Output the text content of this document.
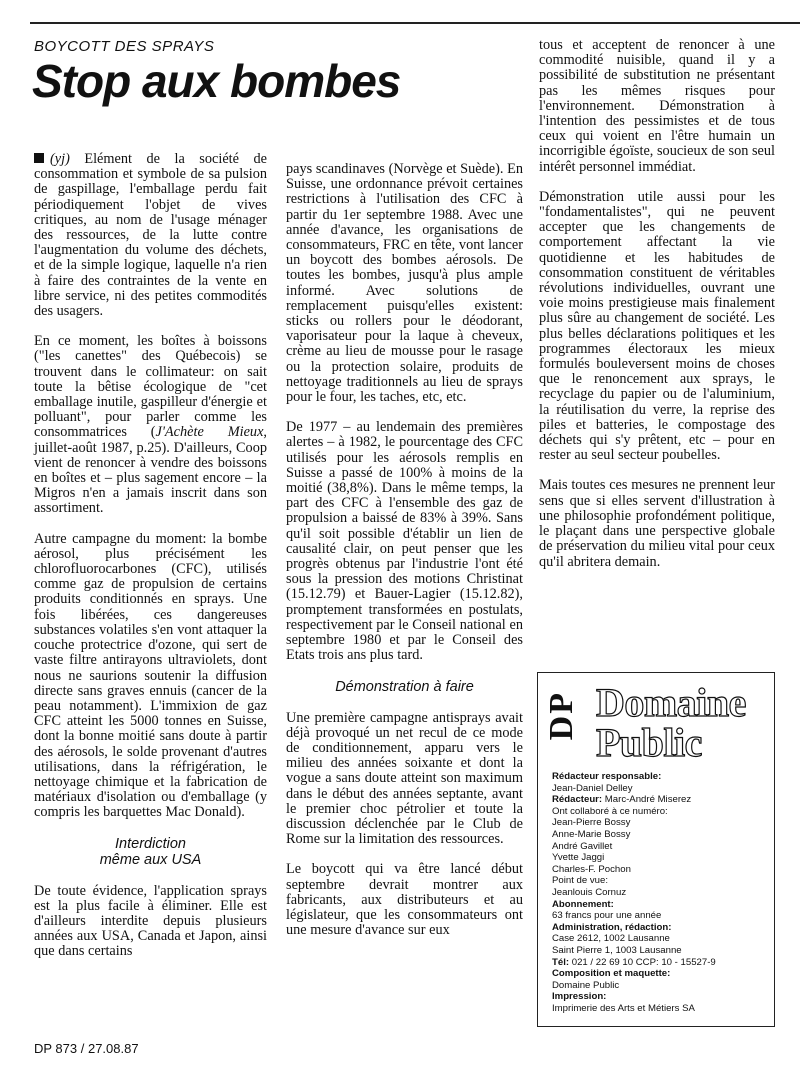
BOYCOTT DES SPRAYS
Stop aux bombes

(yj) Elément de la société de consommation et symbole de sa pulsion de gaspillage, l'emballage perdu fait périodiquement l'objet de vives critiques, au nom de l'usage ménager des ressources, de la lutte contre l'augmentation du volume des déchets, et de la simple logique, laquelle n'a rien à faire des contraintes de la vente en libre service, ni des petites commodités des usagers.

En ce moment, les boîtes à boissons ("les canettes" des Québecois) se trouvent dans le collimateur: on sait toute la bêtise écologique de "cet emballage inutile, gaspilleur d'énergie et polluant", pour parler comme les consommatrices (J'Achète Mieux, juillet-août 1987, p.25). D'ailleurs, Coop vient de renoncer à vendre des boissons en boîtes et – plus sagement encore – la Migros n'en a jamais inscrit dans son assortiment.

Autre campagne du moment: la bombe aérosol, plus précisément les chlorofluorocarbones (CFC), utilisés comme gaz de propulsion de certains produits conditionnés en sprays. Une fois libérées, ces dangereuses substances volatiles s'en vont attaquer la couche protectrice d'ozone, qui sert de vaste filtre antirayons ultraviolets, dont nous ne saurions soutenir la diffusion directe sans graves ennuis (cancer de la peau notamment). L'immixion de gaz CFC atteint les 5000 tonnes en Suisse, dont la bonne moitié sans doute à partir des aérosols, le solde provenant d'autres utilisations, dans la réfrigération, le nettoyage chimique et la fabrication de matériaux d'isolation ou d'emballage (y compris les barquettes Mac Donald).

Interdiction
même aux USA

De toute évidence, l'application sprays est la plus facile à éliminer. Elle est d'ailleurs interdite depuis plusieurs années aux USA, Canada et Japon, ainsi que dans certains

pays scandinaves (Norvège et Suède). En Suisse, une ordonnance prévoit certaines restrictions à l'utilisation des CFC à partir du 1er septembre 1988. Avec une année d'avance, les organisations de consommateurs, FRC en tête, vont lancer un boycott des bombes aérosols. De toutes les bombes, jusqu'à plus ample informé. Avec solutions de remplacement puisqu'elles existent: sticks ou rollers pour le déodorant, vaporisateur pour la laque à cheveux, crème au lieu de mousse pour le rasage ou la protection solaire, produits de nettoyage traditionnels au lieu de sprays pour le four, les taches, etc, etc.

De 1977 – au lendemain des premières alertes – à 1982, le pourcentage des CFC utilisés pour les aérosols remplis en Suisse a passé de 100% à moins de la moitié (38,8%). Dans le même temps, la part des CFC à l'ensemble des gaz de propulsion a baissé de 83% à 39%. Sans qu'il soit possible d'établir un lien de causalité clair, on peut penser que les progrès obtenus par l'industrie l'ont été sous la pression des motions Christinat (15.12.79) et Bauer-Lagier (15.12.82), promptement transformées en postulats, respectivement par le Conseil national en septembre 1980 et par le Conseil des Etats trois ans plus tard.

Démonstration à faire

Une première campagne antisprays avait déjà provoqué un net recul de ce mode de conditionnement, apparu vers le milieu des années soixante et dont la vogue a sans doute atteint son maximum dans le début des années septante, avant le premier choc pétrolier et toute la discussion déclenchée par le Club de Rome sur la limitation des ressources.

Le boycott qui va être lancé début septembre devrait montrer aux fabricants, aux distributeurs et au législateur, que les consommateurs ont une mesure d'avance sur eux

tous et acceptent de renoncer à une commodité nuisible, quand il y a possibilité de substitution ne présentant pas les mêmes risques pour l'environnement. Démonstration à l'intention des pessimistes et de tous ceux qui voient en l'être humain un incorrigible égoïste, soucieux de son seul intérêt personnel immédiat.

Démonstration utile aussi pour les "fondamentalistes", qui ne peuvent accepter que les changements de comportement affectant la vie quotidienne et les habitudes de consommation constituent de véritables révolutions individuelles, ouvrant une voie moins prestigieuse mais finalement plus sûre au changement de société. Les plus belles déclarations politiques et les programmes électoraux les mieux formulés bouleversent moins de choses que le renoncement aux sprays, le recyclage du papier ou de l'aluminium, la réutilisation du verre, la reprise des piles et batteries, le compostage des déchets qui s'y prêtent, etc – pour en rester au seul secteur poubelles.

Mais toutes ces mesures ne prennent leur sens que si elles servent d'illustration à une philosophie profondément politique, le plaçant dans une perspective globale de préservation du milieu vital pour ceux qu'il abritera demain.

DP Domaine
Public
Rédacteur responsable:
Jean-Daniel Delley
Rédacteur: Marc-André Miserez
Ont collaboré à ce numéro:
Jean-Pierre Bossy
Anne-Marie Bossy
André Gavillet
Yvette Jaggi
Charles-F. Pochon
Point de vue:
Jeanlouis Cornuz
Abonnement:
63 francs pour une année
Administration, rédaction:
Case 2612, 1002 Lausanne
Saint Pierre 1, 1003 Lausanne
Tél: 021 / 22 69 10 CCP: 10 - 15527-9
Composition et maquette:
Domaine Public
Impression:
Imprimerie des Arts et Métiers SA
DP 873 / 27.08.87
